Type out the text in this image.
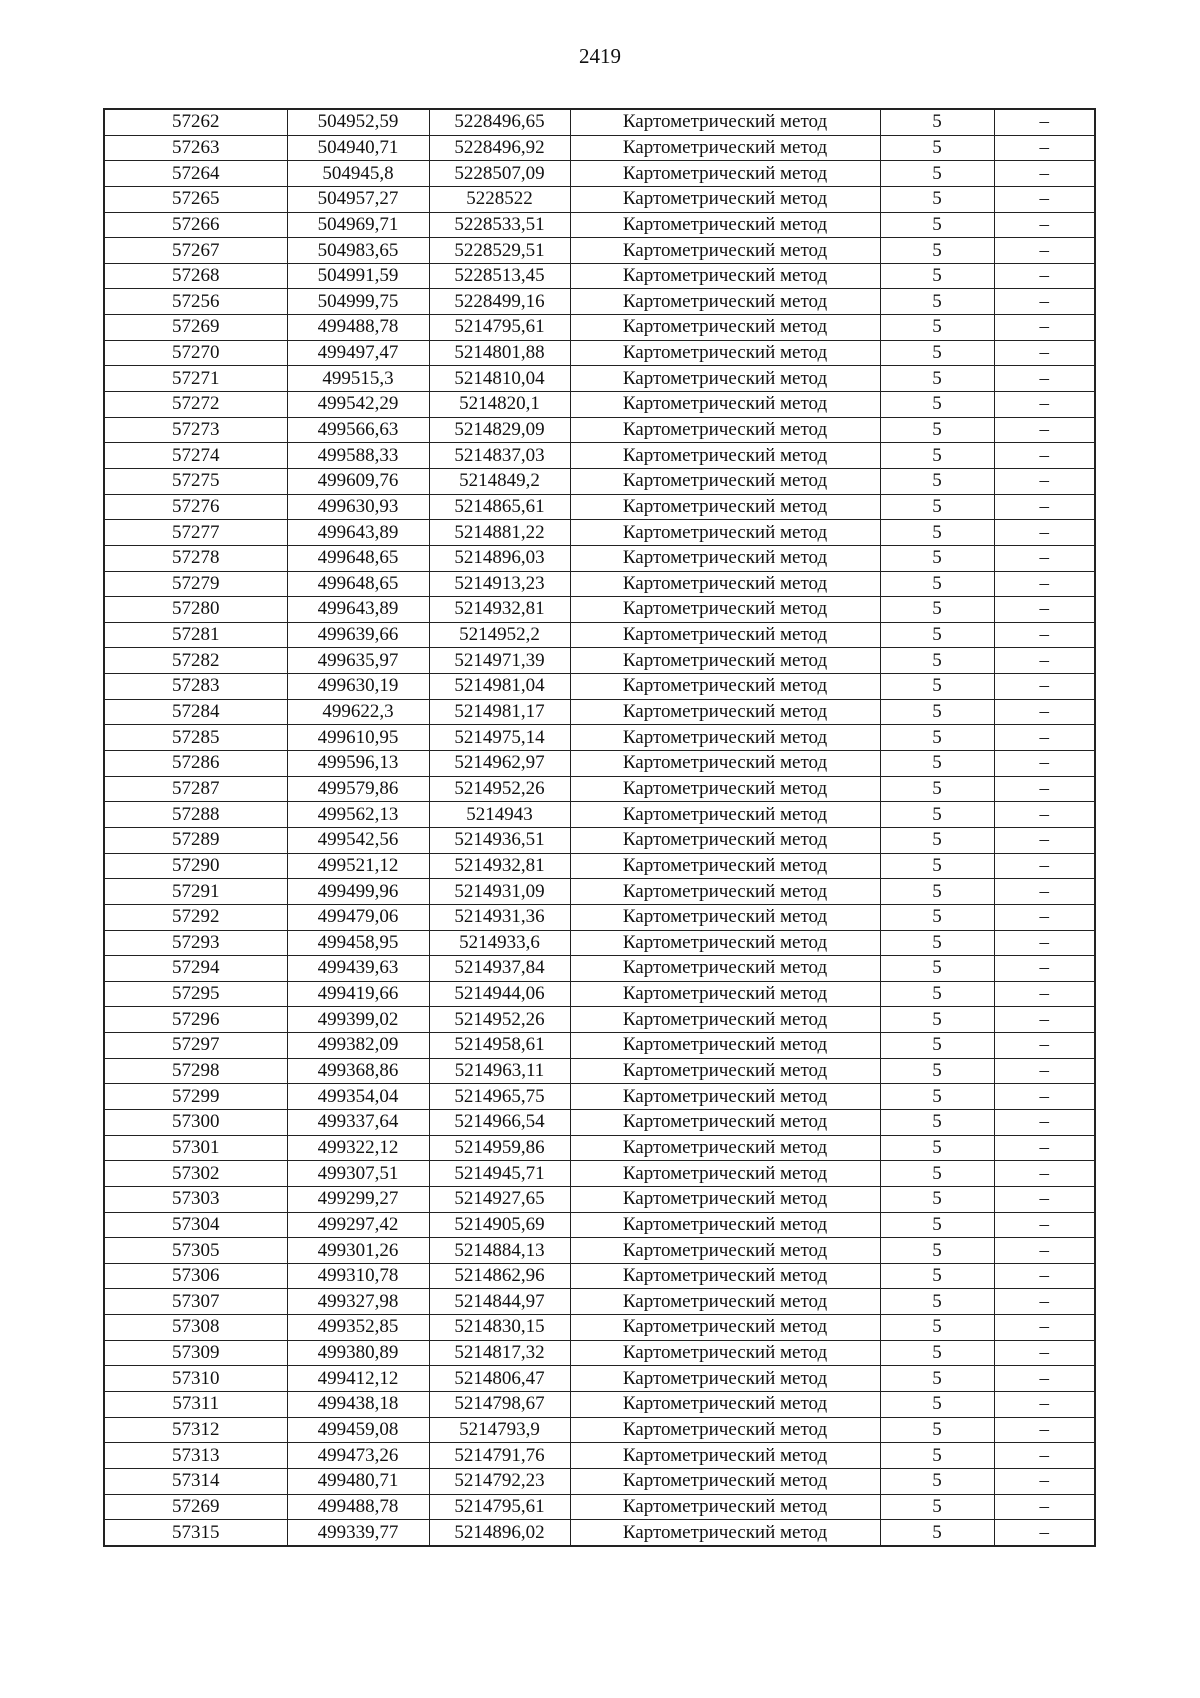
2419
57262	504952,59	5228496,65	Картометрический метод	5	–
57263	504940,71	5228496,92	Картометрический метод	5	–
57264	504945,8	5228507,09	Картометрический метод	5	–
57265	504957,27	5228522	Картометрический метод	5	–
57266	504969,71	5228533,51	Картометрический метод	5	–
57267	504983,65	5228529,51	Картометрический метод	5	–
57268	504991,59	5228513,45	Картометрический метод	5	–
57256	504999,75	5228499,16	Картометрический метод	5	–
57269	499488,78	5214795,61	Картометрический метод	5	–
57270	499497,47	5214801,88	Картометрический метод	5	–
57271	499515,3	5214810,04	Картометрический метод	5	–
57272	499542,29	5214820,1	Картометрический метод	5	–
57273	499566,63	5214829,09	Картометрический метод	5	–
57274	499588,33	5214837,03	Картометрический метод	5	–
57275	499609,76	5214849,2	Картометрический метод	5	–
57276	499630,93	5214865,61	Картометрический метод	5	–
57277	499643,89	5214881,22	Картометрический метод	5	–
57278	499648,65	5214896,03	Картометрический метод	5	–
57279	499648,65	5214913,23	Картометрический метод	5	–
57280	499643,89	5214932,81	Картометрический метод	5	–
57281	499639,66	5214952,2	Картометрический метод	5	–
57282	499635,97	5214971,39	Картометрический метод	5	–
57283	499630,19	5214981,04	Картометрический метод	5	–
57284	499622,3	5214981,17	Картометрический метод	5	–
57285	499610,95	5214975,14	Картометрический метод	5	–
57286	499596,13	5214962,97	Картометрический метод	5	–
57287	499579,86	5214952,26	Картометрический метод	5	–
57288	499562,13	5214943	Картометрический метод	5	–
57289	499542,56	5214936,51	Картометрический метод	5	–
57290	499521,12	5214932,81	Картометрический метод	5	–
57291	499499,96	5214931,09	Картометрический метод	5	–
57292	499479,06	5214931,36	Картометрический метод	5	–
57293	499458,95	5214933,6	Картометрический метод	5	–
57294	499439,63	5214937,84	Картометрический метод	5	–
57295	499419,66	5214944,06	Картометрический метод	5	–
57296	499399,02	5214952,26	Картометрический метод	5	–
57297	499382,09	5214958,61	Картометрический метод	5	–
57298	499368,86	5214963,11	Картометрический метод	5	–
57299	499354,04	5214965,75	Картометрический метод	5	–
57300	499337,64	5214966,54	Картометрический метод	5	–
57301	499322,12	5214959,86	Картометрический метод	5	–
57302	499307,51	5214945,71	Картометрический метод	5	–
57303	499299,27	5214927,65	Картометрический метод	5	–
57304	499297,42	5214905,69	Картометрический метод	5	–
57305	499301,26	5214884,13	Картометрический метод	5	–
57306	499310,78	5214862,96	Картометрический метод	5	–
57307	499327,98	5214844,97	Картометрический метод	5	–
57308	499352,85	5214830,15	Картометрический метод	5	–
57309	499380,89	5214817,32	Картометрический метод	5	–
57310	499412,12	5214806,47	Картометрический метод	5	–
57311	499438,18	5214798,67	Картометрический метод	5	–
57312	499459,08	5214793,9	Картометрический метод	5	–
57313	499473,26	5214791,76	Картометрический метод	5	–
57314	499480,71	5214792,23	Картометрический метод	5	–
57269	499488,78	5214795,61	Картометрический метод	5	–
57315	499339,77	5214896,02	Картометрический метод	5	–
